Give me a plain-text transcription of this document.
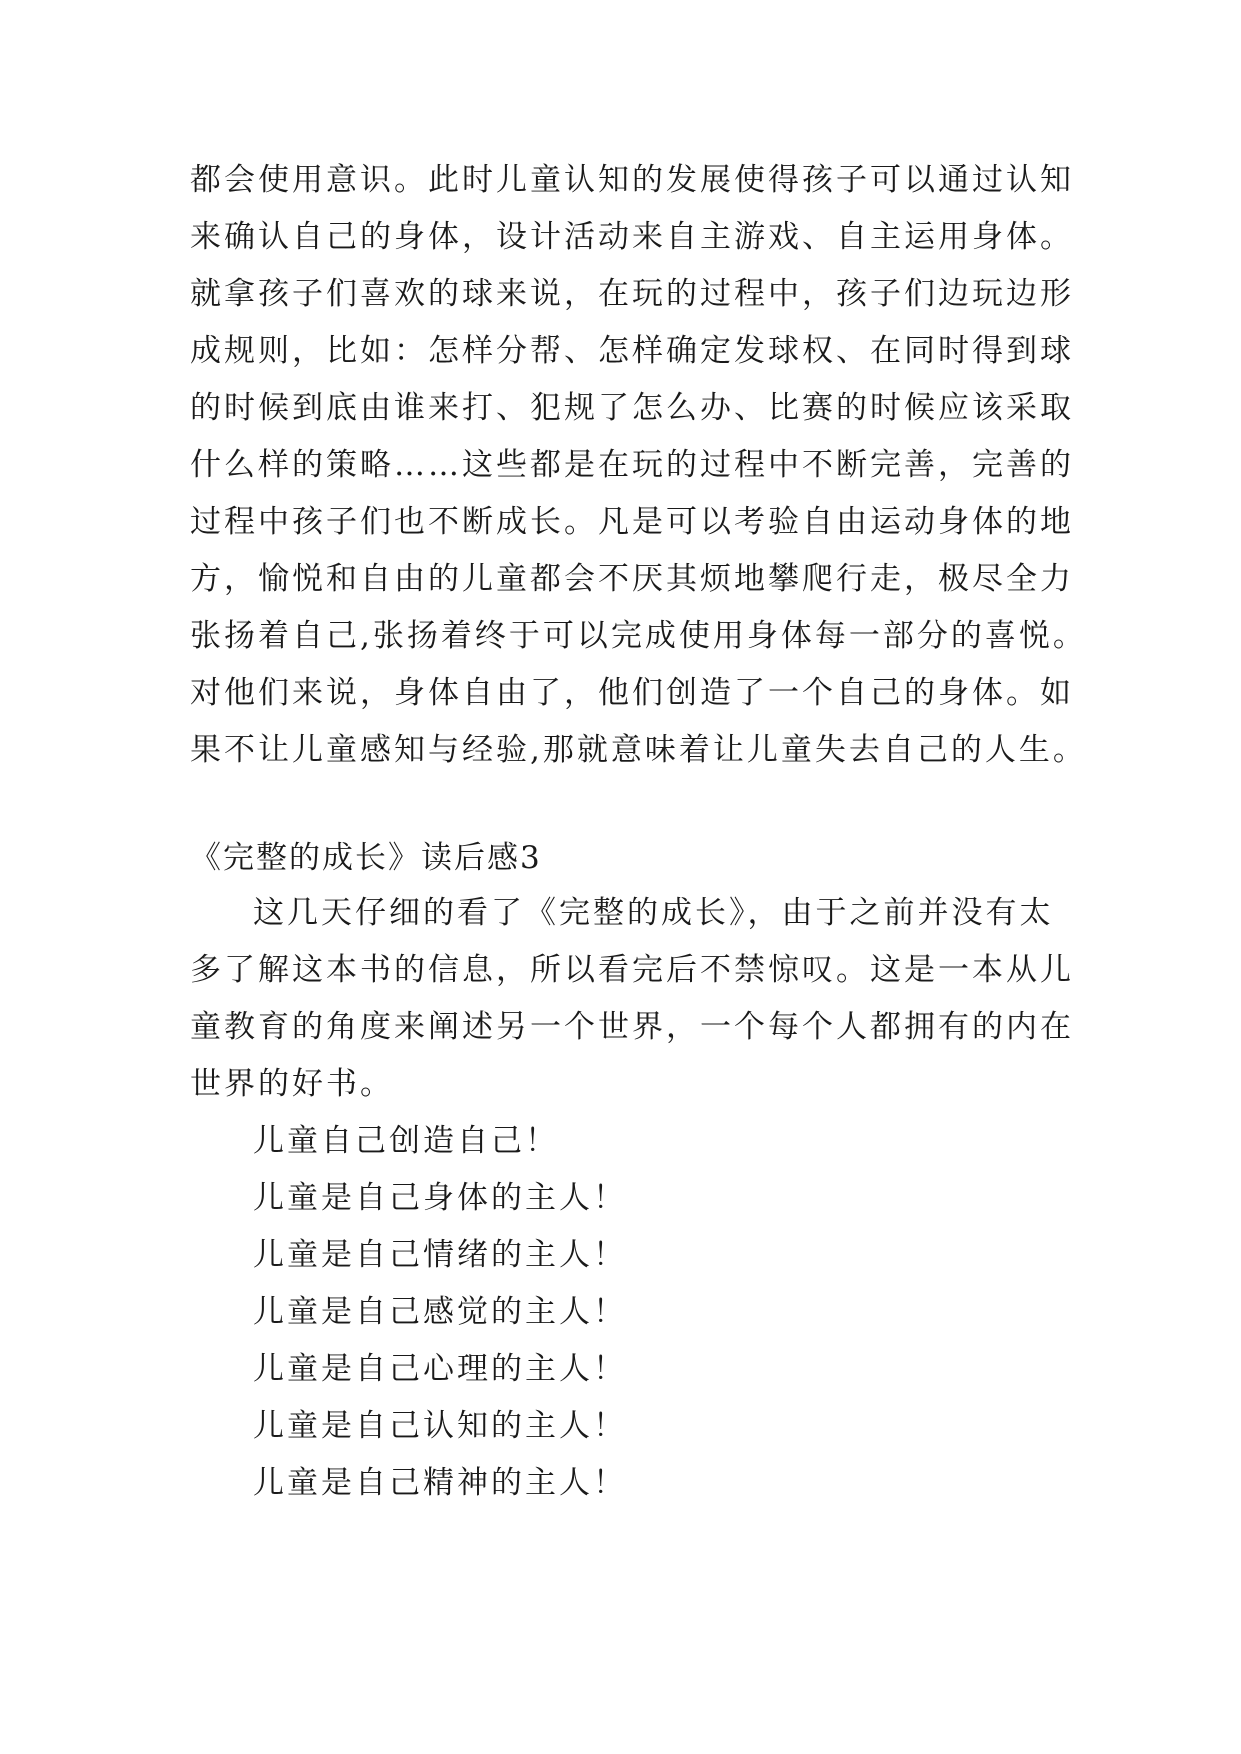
都会使用意识。此时儿童认知的发展使得孩子可以通过认知
来确认自己的身体，设计活动来自主游戏、自主运用身体。
就拿孩子们喜欢的球来说，在玩的过程中，孩子们边玩边形
成规则，比如：怎样分帮、怎样确定发球权、在同时得到球
的时候到底由谁来打、犯规了怎么办、比赛的时候应该采取
什么样的策略……这些都是在玩的过程中不断完善，完善的
过程中孩子们也不断成长。凡是可以考验自由运动身体的地
方，愉悦和自由的儿童都会不厌其烦地攀爬行走，极尽全力
张扬着自己,张扬着终于可以完成使用身体每一部分的喜悦。
对他们来说，身体自由了，他们创造了一个自己的身体。如
果不让儿童感知与经验,那就意味着让儿童失去自己的人生。
《完整的成长》读后感3
这几天仔细的看了《完整的成长》，由于之前并没有太
多了解这本书的信息，所以看完后不禁惊叹。这是一本从儿
童教育的角度来阐述另一个世界，一个每个人都拥有的内在
世界的好书。
儿童自己创造自己！
儿童是自己身体的主人！
儿童是自己情绪的主人！
儿童是自己感觉的主人！
儿童是自己心理的主人！
儿童是自己认知的主人！
儿童是自己精神的主人！
